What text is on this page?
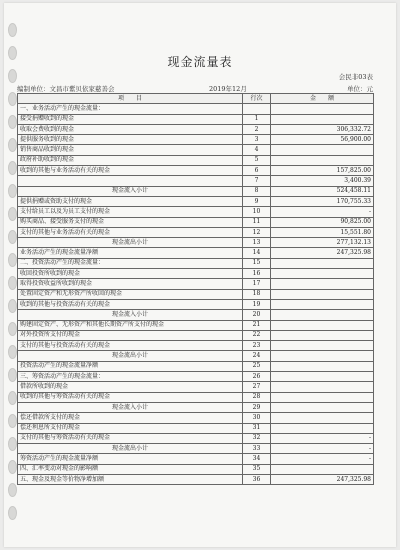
现金流量表
会民非03表
编制单位：文昌市紫贝依家慈善会	2019年12月	单位：元
项　　目	行次	金　　额
一、业务活动产生的现金流量：		
接受捐赠收到的现金	1	
收取会费收到的现金	2	306,332.72
提供服务收到的现金	3	56,900.00
销售商品收到的现金	4	
政府补助收到的现金	5	
收到的其他与业务活动有关的现金	6	157,825.00
	7	3,400.39
现金流入小计	8	524,458.11
提供捐赠或资助支付的现金	9	170,755.33
支付给员工以及为员工支付的现金	10	-
购买商品、接受服务支付的现金	11	90,825.00
支付的其他与业务活动有关的现金	12	15,551.80
现金流出小计	13	277,132.13
业务活动产生的现金流量净额	14	247,325.98
二、投资活动产生的现金流量：	15	
收回投资所收到的现金	16	
取得投资收益所收到的现金	17	
处置固定资产和无形资产所收回的现金	18	
收到的其他与投资活动有关的现金	19	
现金流入小计	20	
购建固定资产、无形资产和其他长期资产所支付的现金	21	
对外投资所支付的现金	22	
支付的其他与投资活动有关的现金	23	
现金流出小计	24	
投资活动产生的现金流量净额	25	
三、筹资活动产生的现金流量：	26	
借款所收到的现金	27	
收到的其他与筹资活动有关的现金	28	
现金流入小计	29	
偿还借款所支付的现金	30	
偿还利息所支付的现金	31	
支付的其他与筹资活动有关的现金	32	-
现金流出小计	33	-
筹资活动产生的现金流量净额	34	-
四、汇率变动对现金的影响额	35	
五、现金及现金等价物净增加额	36	247,325.98
